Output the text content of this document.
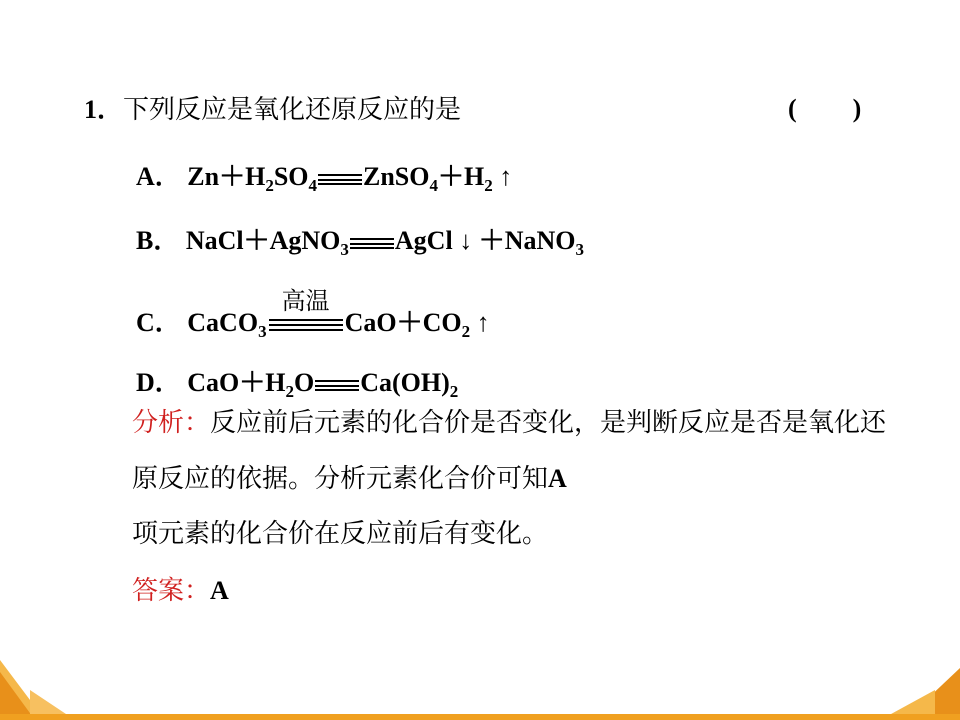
1．下列反应是氧化还原反应的是	( )
A． $Zn+H_2SO_4$ $ZnSO_4+H_2$ ↑
B． NaCl＋AgNO$_3$ AgCl ↓ ＋NaNO$_3$
C． CaCO$_3$
高温
$CaO+CO_2$ ↑
D． $CaO+H_2O$ $Ca(OH)_2$
分析：反应前后元素的化合价是否变化，是判断反应是否是氧化还原反应的依据。分析元素化合价可知A
项元素的化合价在反应前后有变化。
答案：A
